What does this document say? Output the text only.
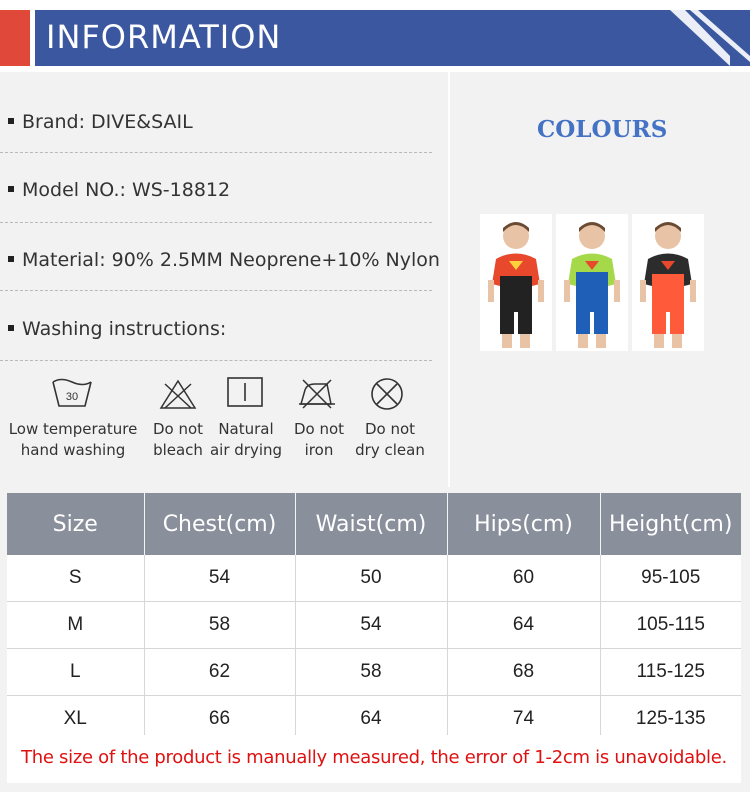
INFORMATION
Brand: DIVE&SAIL
Model NO.: WS-18812
Material: 90% 2.5MM Neoprene+10% Nylon
Washing instructions:
30
Low temperature
hand washing
Do not
bleach
Natural
air drying
Do not
iron
Do not
dry clean
COLOURS
Size	Chest(cm)	Waist(cm)	Hips(cm)	Height(cm)
S	54	50	60	95-105
M	58	54	64	105-115
L	62	58	68	115-125
XL	66	64	74	125-135
The size of the product is manually measured, the error of 1-2cm is unavoidable.
